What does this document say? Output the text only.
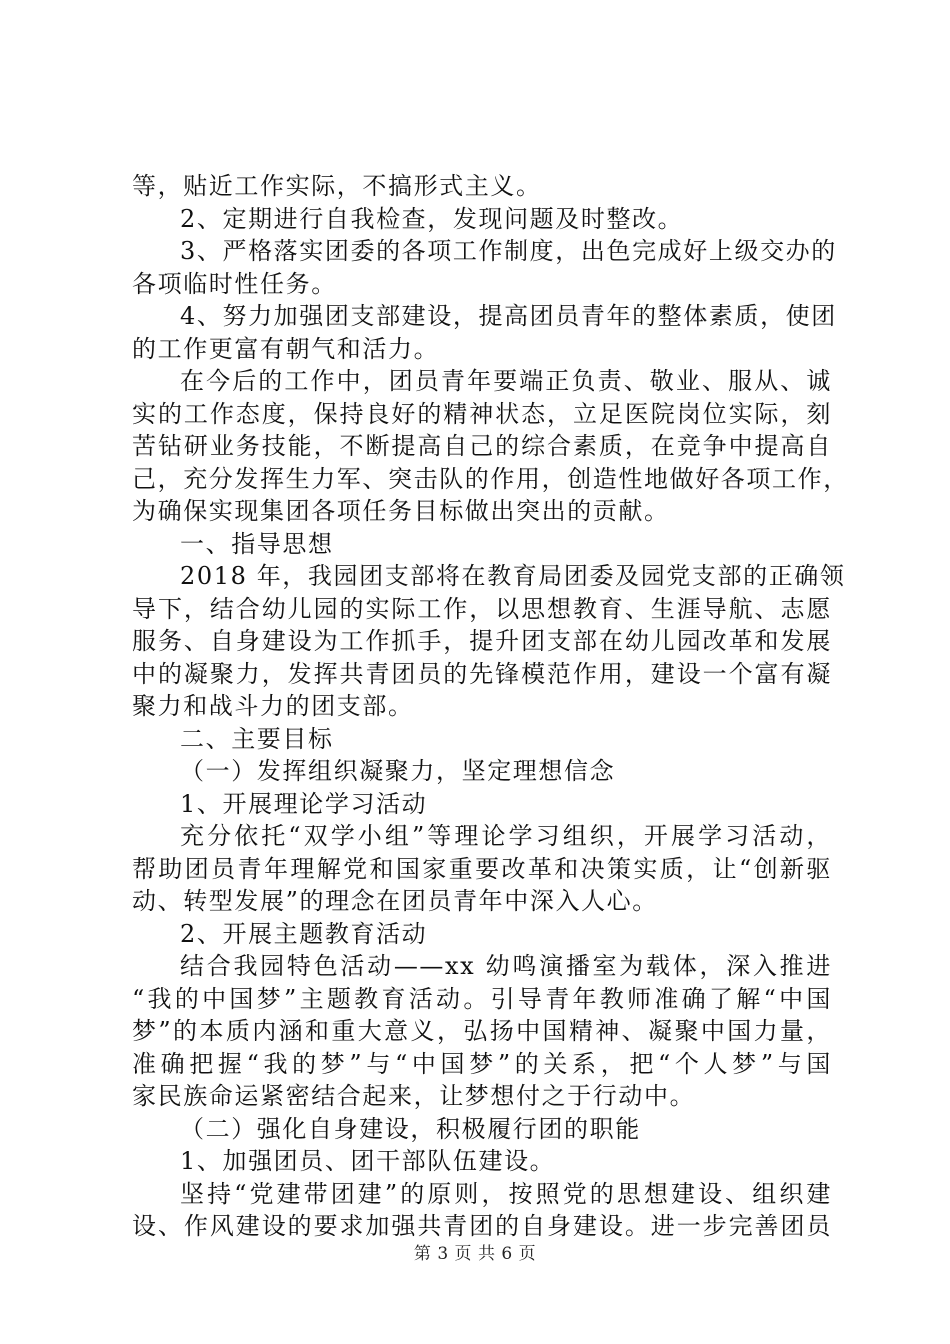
等，贴近工作实际，不搞形式主义。
2、定期进行自我检查，发现问题及时整改。
3、严格落实团委的各项工作制度，出色完成好上级交办的
各项临时性任务。
4、努力加强团支部建设，提高团员青年的整体素质，使团
的工作更富有朝气和活力。
在今后的工作中，团员青年要端正负责、敬业、服从、诚
实的工作态度，保持良好的精神状态，立足医院岗位实际，刻
苦钻研业务技能，不断提高自己的综合素质，在竞争中提高自
己，充分发挥生力军、突击队的作用，创造性地做好各项工作，
为确保实现集团各项任务目标做出突出的贡献。
一、指导思想
2018 年，我园团支部将在教育局团委及园党支部的正确领
导下，结合幼儿园的实际工作，以思想教育、生涯导航、志愿
服务、自身建设为工作抓手，提升团支部在幼儿园改革和发展
中的凝聚力，发挥共青团员的先锋模范作用，建设一个富有凝
聚力和战斗力的团支部。
二、主要目标
（一）发挥组织凝聚力，坚定理想信念
1、开展理论学习活动
充分依托“双学小组”等理论学习组织，开展学习活动，
帮助团员青年理解党和国家重要改革和决策实质，让“创新驱
动、转型发展”的理念在团员青年中深入人心。
2、开展主题教育活动
结合我园特色活动——xx 幼鸣演播室为载体，深入推进
“我的中国梦”主题教育活动。引导青年教师准确了解“中国
梦”的本质内涵和重大意义，弘扬中国精神、凝聚中国力量，
准确把握“我的梦”与“中国梦”的关系，把“个人梦”与国
家民族命运紧密结合起来，让梦想付之于行动中。
（二）强化自身建设，积极履行团的职能
1、加强团员、团干部队伍建设。
坚持“党建带团建”的原则，按照党的思想建设、组织建
设、作风建设的要求加强共青团的自身建设。进一步完善团员
第 3 页 共 6 页
